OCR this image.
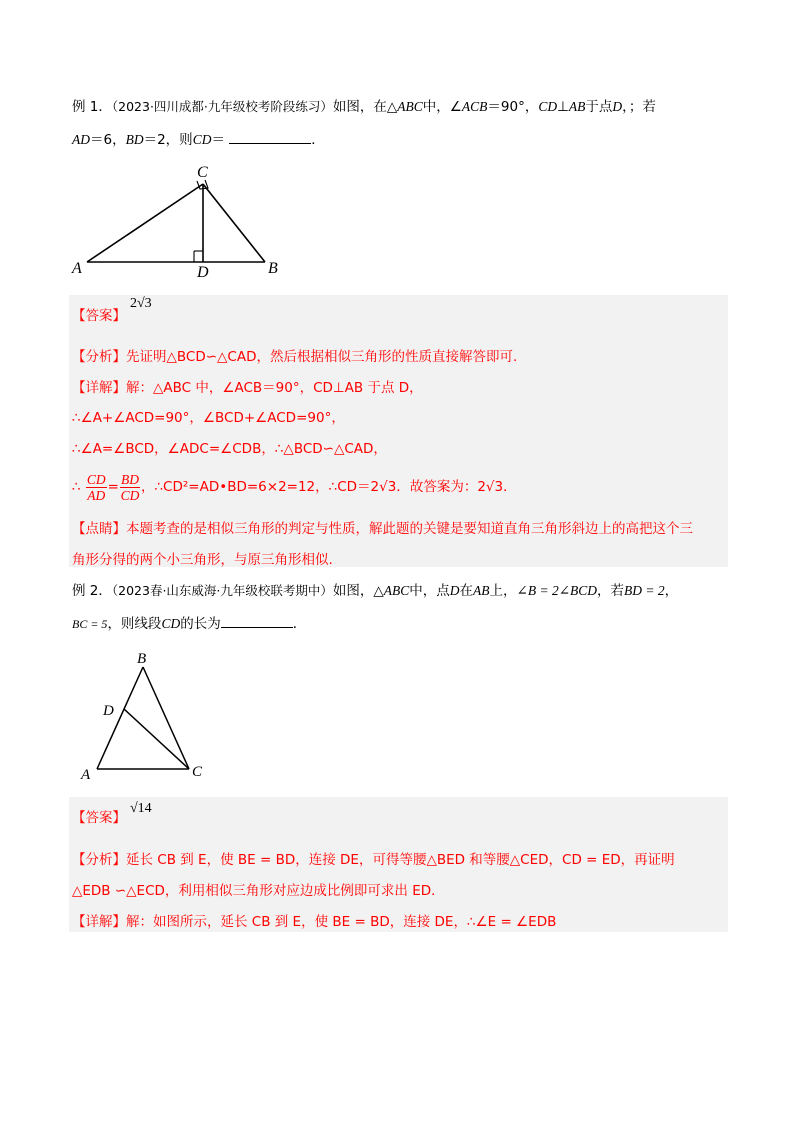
例 1．（2023·四川成都·九年级校考阶段练习）如图，在△ABC中，∠ACB＝90°，CD⊥AB于点D，；若
AD＝6，BD＝2，则CD＝	．
A	B
C
D
【答案】
2√3
【分析】先证明△BCD∽△CAD，然后根据相似三角形的性质直接解答即可.
【详解】解：△ABC 中，∠ACB＝90°，CD⊥AB 于点 D，
∴∠A+∠ACD=90°，∠BCD+∠ACD=90°，
∴∠A=∠BCD，∠ADC=∠CDB，∴△BCD∽△CAD，
∴ $\frac{CD}{AD} = \frac{BD}{CD}$ ，∴CD²=AD•BD=6×2=12，∴CD＝2√3．故答案为：2√3．
【点睛】本题考查的是相似三角形的判定与性质，解此题的关键是要知道直角三角形斜边上的高把这个三
角形分得的两个小三角形，与原三角形相似.
例 2．（2023春·山东威海·九年级校联考期中）如图，△ABC中，点D在AB上，∠B = 2∠BCD，若BD = 2，
BC = 5，则线段CD的长为	．
B
D
A	C
【答案】
√14
【分析】延长 CB 到 E，使 BE = BD，连接 DE，可得等腰△BED 和等腰△CED，CD = ED，再证明
△EDB ∽△ECD，利用相似三角形对应边成比例即可求出 ED．
【详解】解：如图所示，延长 CB 到 E，使 BE = BD，连接 DE，∴∠E = ∠EDB
